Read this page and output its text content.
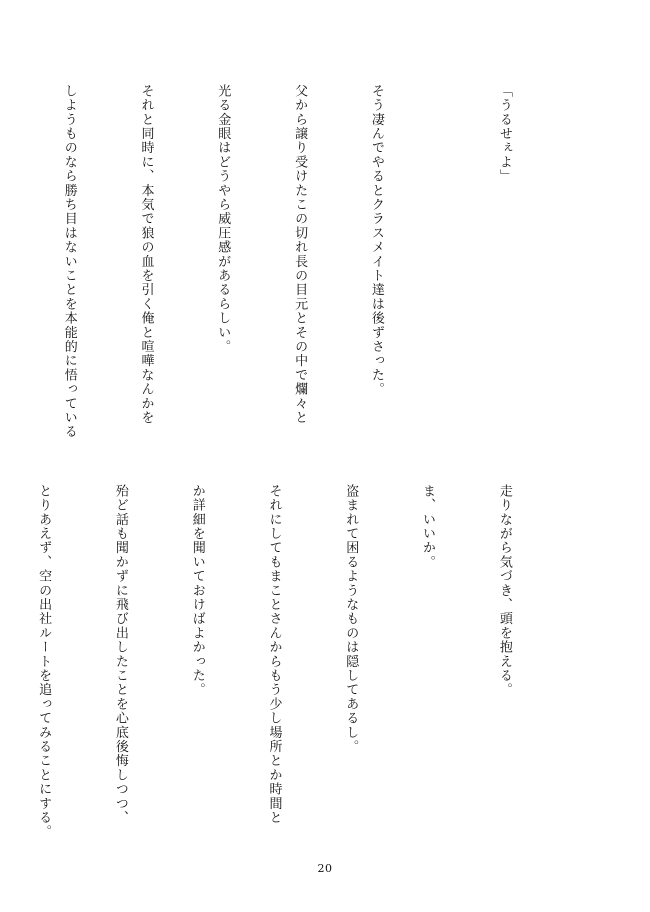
「うるせぇよ」

そう凄んでやるとクラスメイト達は後ずさった。

父から譲り受けたこの切れ長の目元とその中で爛々と

光る金眼はどうやら威圧感があるらしい。

それと同時に、本気で狼の血を引く俺と喧嘩なんかを

しようものなら勝ち目はないことを本能的に悟っている

走りながら気づき、頭を抱える。

ま、いいか。

盗まれて困るようなものは隠してあるし。

それにしてもまことさんからもう少し場所とか時間と

か詳細を聞いておけばよかった。

殆ど話も聞かずに飛び出したことを心底後悔しつつ、

とりあえず、空の出社ルートを追ってみることにする。

20
